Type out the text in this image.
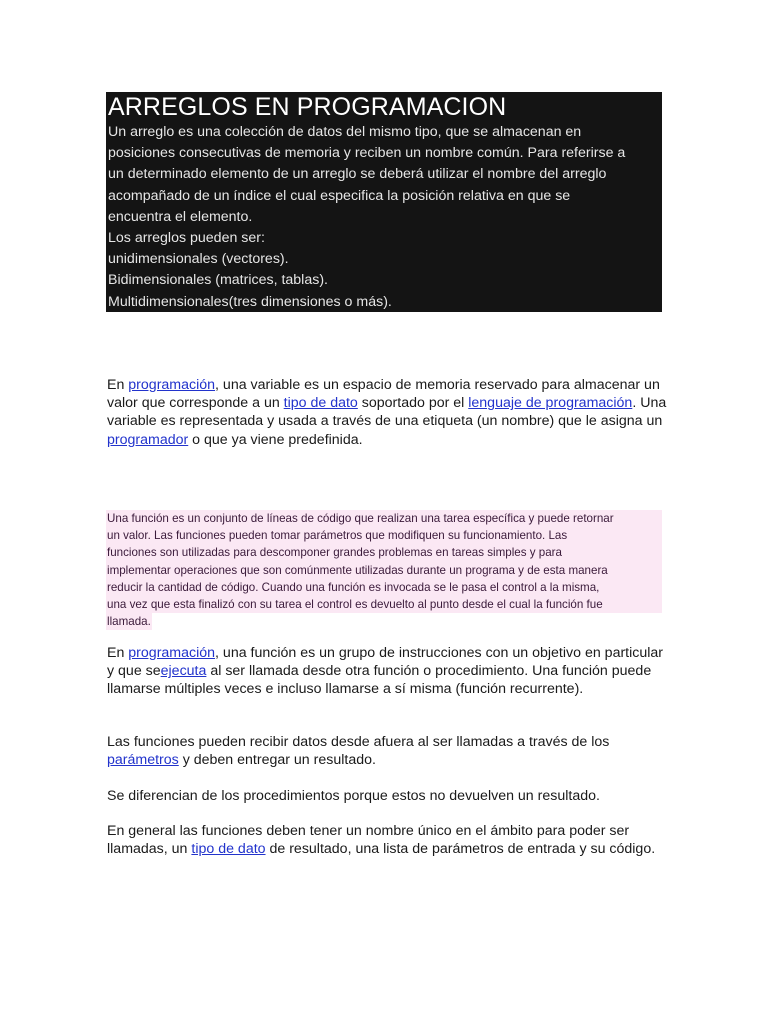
ARREGLOS EN PROGRAMACION

Un arreglo es una colección de datos del mismo tipo, que se almacenan en

posiciones consecutivas de memoria y reciben un nombre común. Para referirse a

un determinado elemento de un arreglo se deberá utilizar el nombre del arreglo

acompañado de un índice el cual especifica la posición relativa en que se

encuentra el elemento.

Los arreglos pueden ser:

unidimensionales (vectores).

Bidimensionales (matrices, tablas).

Multidimensionales(tres dimensiones o más).

En programación, una variable es un espacio de memoria reservado para almacenar un valor que corresponde a un tipo de dato soportado por el lenguaje de programación. Una variable es representada y usada a través de una etiqueta (un nombre) que le asigna un programador o que ya viene predefinida.

Una función es un conjunto de líneas de código que realizan una tarea específica y puede retornar
un valor. Las funciones pueden tomar parámetros que modifiquen su funcionamiento. Las
funciones son utilizadas para descomponer grandes problemas en tareas simples y para
implementar operaciones que son comúnmente utilizadas durante un programa y de esta manera
reducir la cantidad de código. Cuando una función es invocada se le pasa el control a la misma,
una vez que esta finalizó con su tarea el control es devuelto al punto desde el cual la función fue
llamada.

En programación, una función es un grupo de instrucciones con un objetivo en particular y que seejecuta al ser llamada desde otra función o procedimiento. Una función puede llamarse múltiples veces e incluso llamarse a sí misma (función recurrente).

Las funciones pueden recibir datos desde afuera al ser llamadas a través de los parámetros y deben entregar un resultado.

Se diferencian de los procedimientos porque estos no devuelven un resultado.

En general las funciones deben tener un nombre único en el ámbito para poder ser llamadas, un tipo de dato de resultado, una lista de parámetros de entrada y su código.
